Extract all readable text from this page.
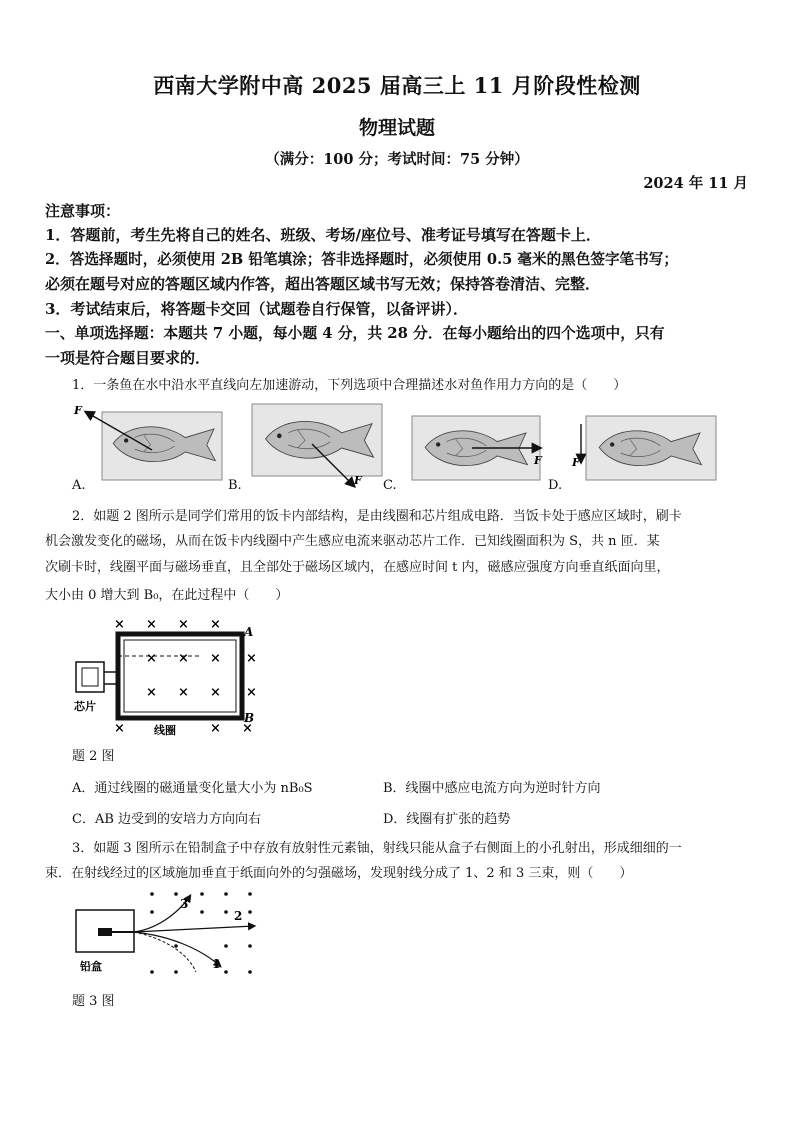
西南大学附中高 2025 届高三上 11 月阶段性检测
物理试题
（满分：100 分；考试时间：75 分钟）
2024 年 11 月
注意事项：
1．答题前，考生先将自己的姓名、班级、考场/座位号、准考证号填写在答题卡上．
2．答选择题时，必须使用 2B 铅笔填涂；答非选择题时，必须使用 0.5 毫米的黑色签字笔书写；
必须在题号对应的答题区域内作答，超出答题区域书写无效；保持答卷清洁、完整．
3．考试结束后，将答题卡交回（试题卷自行保管，以备评讲）．
一、单项选择题：本题共 7 小题，每小题 4 分，共 28 分．在每小题给出的四个选项中，只有
一项是符合题目要求的．
1．一条鱼在水中沿水平直线向左加速游动，下列选项中合理描述水对鱼作用力方向的是（　　）
F
F
F	F
A.	B.	C.	D.
2．如题 2 图所示是同学们常用的饭卡内部结构，是由线圈和芯片组成电路．当饭卡处于感应区域时，刷卡
机会激发变化的磁场，从而在饭卡内线圈中产生感应电流来驱动芯片工作．已知线圈面积为 S，共 n 匝．某
次刷卡时，线圈平面与磁场垂直，且全部处于磁场区域内，在感应时间 t 内，磁感应强度方向垂直纸面向里，
大小由 0 增大到 B₀，在此过程中（　　）
A
B
芯片
线圈
× × × ×
× × × ×
× × × ×
×	× ×
题 2 图
A．通过线圈的磁通量变化量大小为 nB₀S	B．线圈中感应电流方向为逆时针方向
C．AB 边受到的安培力方向向右	D．线圈有扩张的趋势
3．如题 3 图所示在铅制盒子中存放有放射性元素铀，射线只能从盒子右侧面上的小孔射出，形成细细的一
束．在射线经过的区域施加垂直于纸面向外的匀强磁场，发现射线分成了 1、2 和 3 三束，则（　　）
铅盒
3
2
1
题 3 图
